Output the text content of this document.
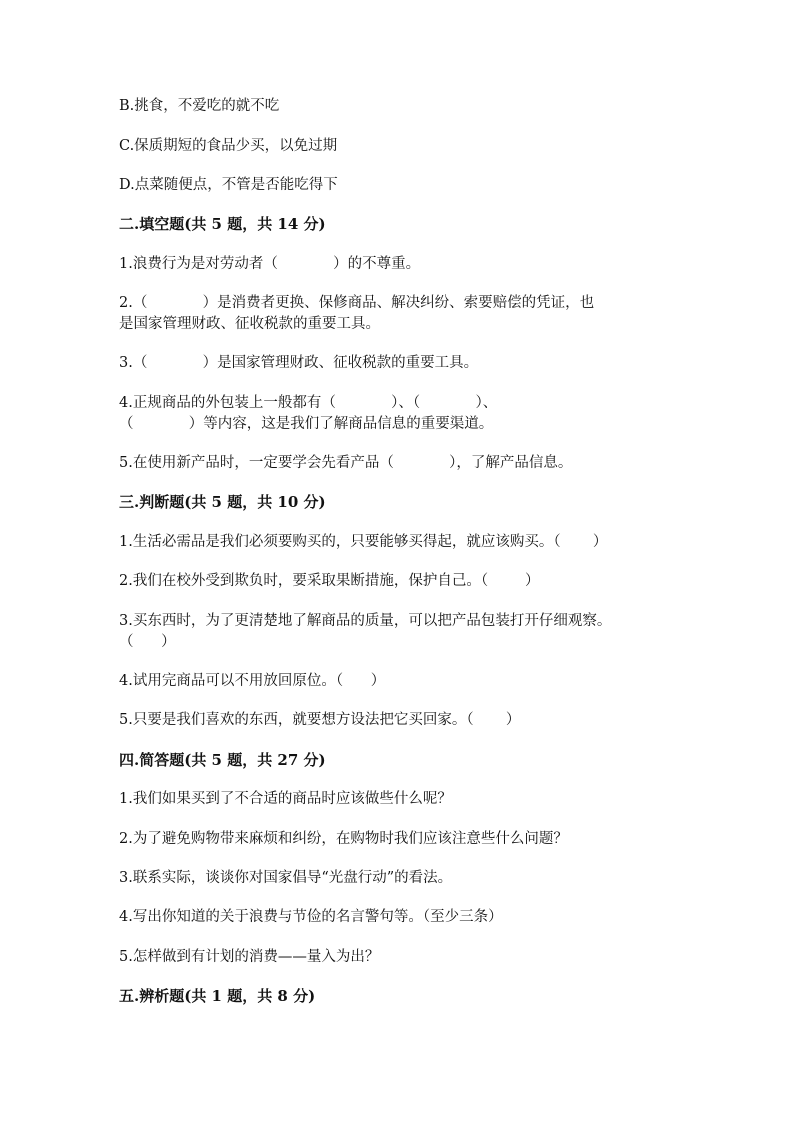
B.挑食，不爱吃的就不吃

C.保质期短的食品少买，以免过期

D.点菜随便点，不管是否能吃得下

二.填空题(共 5 题，共 14 分)

1.浪费行为是对劳动者（            ）的不尊重。

2.（            ）是消费者更换、保修商品、解决纠纷、索要赔偿的凭证，也

是国家管理财政、征收税款的重要工具。

3.（            ）是国家管理财政、征收税款的重要工具。

4.正规商品的外包装上一般都有（            ）、（            ）、

（            ）等内容，这是我们了解商品信息的重要渠道。

5.在使用新产品时，一定要学会先看产品（            ），了解产品信息。

三.判断题(共 5 题，共 10 分)

1.生活必需品是我们必须要购买的，只要能够买得起，就应该购买。（       ）

2.我们在校外受到欺负时，要采取果断措施，保护自己。（        ）

3.买东西时，为了更清楚地了解商品的质量，可以把产品包装打开仔细观察。

（      ）

4.试用完商品可以不用放回原位。（      ）

5.只要是我们喜欢的东西，就要想方设法把它买回家。（       ）

四.简答题(共 5 题，共 27 分)

1.我们如果买到了不合适的商品时应该做些什么呢？

2.为了避免购物带来麻烦和纠纷，在购物时我们应该注意些什么问题？

3.联系实际，谈谈你对国家倡导“光盘行动”的看法。

4.写出你知道的关于浪费与节俭的名言警句等。（至少三条）

5.怎样做到有计划的消费——量入为出？

五.辨析题(共 1 题，共 8 分)
